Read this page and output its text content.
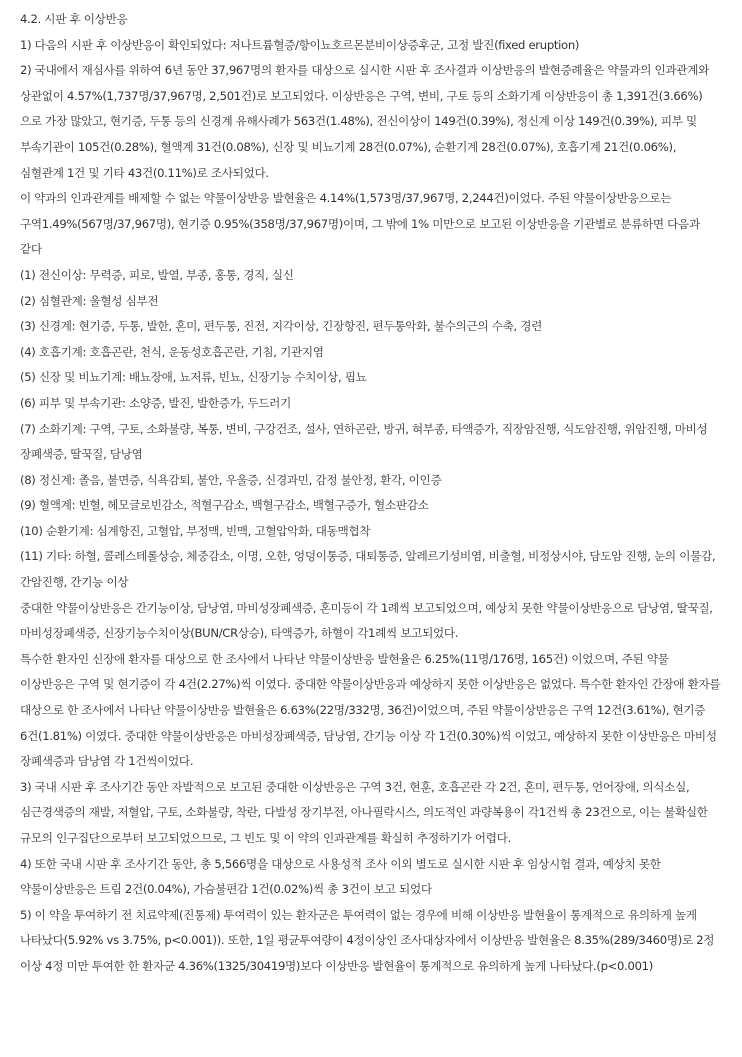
4.2. 시판 후 이상반응

1) 다음의 시판 후 이상반응이 확인되었다: 저나트륨혈증/항이뇨호르몬분비이상증후군, 고정 발진(fixed eruption)

2) 국내에서 재심사를 위하여 6년 동안 37,967명의 환자를 대상으로 실시한 시판 후 조사결과 이상반응의 발현증례율은 약물과의 인과관계와 상관없이 4.57%(1,737명/37,967명, 2,501건)로 보고되었다. 이상반응은 구역, 변비, 구토 등의 소화기계 이상반응이 총 1,391건(3.66%)으로 가장 많았고, 현기증, 두통 등의 신경계 유해사례가 563건(1.48%), 전신이상이 149건(0.39%), 정신계 이상 149건(0.39%), 피부 및 부속기관이 105건(0.28%), 혈액계 31건(0.08%), 신장 및 비뇨기계 28건(0.07%), 순환기계 28건(0.07%), 호흡기계 21건(0.06%), 심혈관계 1건 및 기타 43건(0.11%)로 조사되었다.

이 약과의 인과관계를 배제할 수 없는 약물이상반응 발현율은 4.14%(1,573명/37,967명, 2,244건)이었다. 주된 약물이상반응으로는 구역1.49%(567명/37,967명), 현기증 0.95%(358명/37,967명)이며, 그 밖에 1% 미만으로 보고된 이상반응을 기관별로 분류하면 다음과 같다

(1) 전신이상: 무력증, 피로, 발열, 부종, 홍통, 경직, 실신

(2) 심혈관계: 울혈성 심부전

(3) 신경계: 현기증, 두통, 발한, 혼미, 편두통, 진전, 지각이상, 긴장항진, 편두통악화, 불수의근의 수축, 경련

(4) 호흡기계: 호흡곤란, 천식, 운동성호흡곤란, 기침, 기관지염

(5) 신장 및 비뇨기계: 배뇨장애, 뇨저류, 빈뇨, 신장기능 수치이상, 핍뇨

(6) 피부 및 부속기관: 소양증, 발진, 발한증가, 두드러기

(7) 소화기계: 구역, 구토, 소화불량, 복통, 변비, 구강건조, 설사, 연하곤란, 방귀, 혀부종, 타액증가, 직장암진행, 식도암진행, 위암진행, 마비성 장폐색증, 딸꾹질, 담낭염

(8) 정신계: 졸음, 불면증, 식욕감퇴, 불안, 우울증, 신경과민, 감정 불안정, 환각, 이인증

(9) 혈액계: 빈혈, 헤모글로빈감소, 적혈구감소, 백혈구감소, 백혈구증가, 혈소판감소

(10) 순환기계: 심계항진, 고혈압, 부정맥, 빈맥, 고혈압악화, 대동맥협착

(11) 기타: 하혈, 콜레스테롤상승, 체중감소, 이명, 오한, 엉덩이통증, 대퇴통증, 알레르기성비염, 비출혈, 비정상시야, 담도암 진행, 눈의 이물감, 간암진행, 간기능 이상

중대한 약물이상반응은 간기능이상, 담낭염, 마비성장폐색증, 혼미등이 각 1례씩 보고되었으며, 예상치 못한 약물이상반응으로 담낭염, 딸꾹질, 마비성장폐색증, 신장기능수치이상(BUN/CR상승), 타액증가, 하혈이 각1례씩 보고되었다.

특수한 환자인 신장애 환자를 대상으로 한 조사에서 나타난 약물이상반응 발현율은 6.25%(11명/176명, 165건) 이었으며, 주된 약물 이상반응은 구역 및 현기증이 각 4건(2.27%)씩 이였다. 중대한 약물이상반응과 예상하지 못한 이상반응은 없었다. 특수한 환자인 간장애 환자를 대상으로 한 조사에서 나타난 약물이상반응 발현율은 6.63%(22명/332명, 36건)이었으며, 주된 약물이상반응은 구역 12건(3.61%), 현기증 6건(1.81%) 이였다. 중대한 약물이상반응은 마비성장폐색증, 담낭염, 간기능 이상 각 1건(0.30%)씩 이었고, 예상하지 못한 이상반응은 마비성 장폐색증과 담낭염 각 1건씩이었다.

3) 국내 시판 후 조사기간 동안 자발적으로 보고된 중대한 이상반응은 구역 3건, 현훈, 호흡곤란 각 2건, 혼미, 편두통, 언어장애, 의식소실, 심근경색증의 재발, 저혈압, 구토, 소화불량, 착란, 다발성 장기부전, 아나필락시스, 의도적인 과량복용이 각1건씩 총 23건으로, 이는 불확실한 규모의 인구집단으로부터 보고되었으므로, 그 빈도 및 이 약의 인과관계를 확실히 추정하기가 어렵다.

4) 또한 국내 시판 후 조사기간 동안, 총 5,566명을 대상으로 사용성적 조사 이외 별도로 실시한 시판 후 임상시험 결과, 예상치 못한 약물이상반응은 트림 2건(0.04%), 가슴불편감 1건(0.02%)씩 총 3건이 보고 되었다

5) 이 약을 투여하기 전 치료약제(진통제) 투여력이 있는 환자군은 투여력이 없는 경우에 비해 이상반응 발현율이 통계적으로 유의하게 높게 나타났다(5.92% vs 3.75%, p<0.001)). 또한, 1일 평균투여량이 4정이상인 조사대상자에서 이상반응 발현율은 8.35%(289/3460명)로 2정 이상 4정 미만 투여한 한 환자군 4.36%(1325/30419명)보다 이상반응 발현율이 통계적으로 유의하게 높게 나타났다.(p<0.001)
